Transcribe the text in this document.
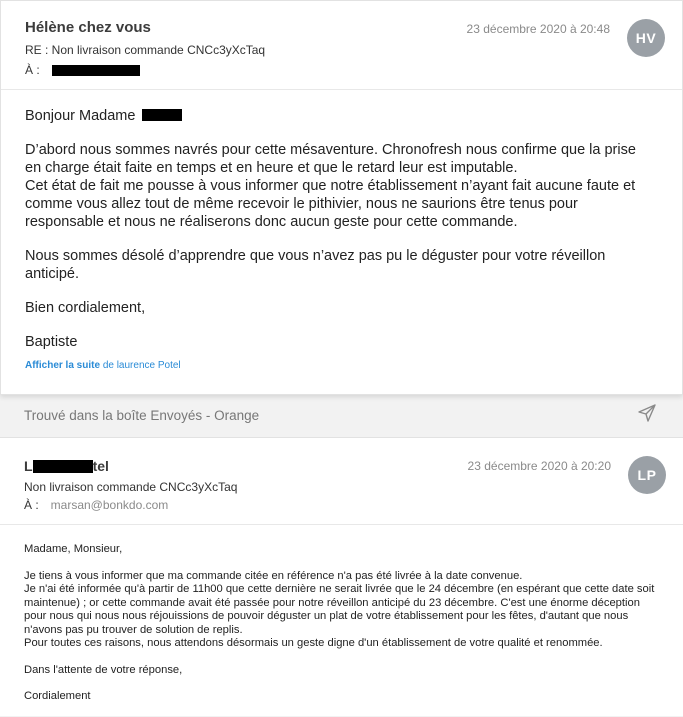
Hélène chez vous	23 décembre 2020 à 20:48
HV
RE : Non livraison commande CNCc3yXcTaq
À :

Bonjour Madame

D’abord nous sommes navrés pour cette mésaventure. Chronofresh nous confirme que la prise en charge était faite en temps et en heure et que le retard leur est imputable.

Cet état de fait me pousse à vous informer que notre établissement n’ayant fait aucune faute et comme vous allez tout de même recevoir le pithivier, nous ne saurions être tenus pour responsable et nous ne réaliserons donc aucun geste pour cette commande.

Nous sommes désolé d’apprendre que vous n’avez pas pu le déguster pour votre réveillon anticipé.

Bien cordialement,

Baptiste

Afficher la suite de laurence Potel
Trouvé dans la boîte Envoyés - Orange
L	tel	23 décembre 2020 à 20:20
LP
Non livraison commande CNCc3yXcTaq
À : marsan@bonkdo.com

Madame, Monsieur,

Je tiens à vous informer que ma commande citée en référence n'a pas été livrée à la date convenue.

Je n'ai été informée qu'à partir de 11h00 que cette dernière ne serait livrée que le 24 décembre (en espérant que cette date soit maintenue) ; or cette commande avait été passée pour notre réveillon anticipé du 23 décembre. C'est une énorme déception pour nous qui nous nous réjouissions de pouvoir déguster un plat de votre établissement pour les fêtes, d'autant que nous n'avons pas pu trouver de solution de replis.

Pour toutes ces raisons, nous attendons désormais un geste digne d'un établissement de votre qualité et renommée.

Dans l'attente de votre réponse,

Cordialement
